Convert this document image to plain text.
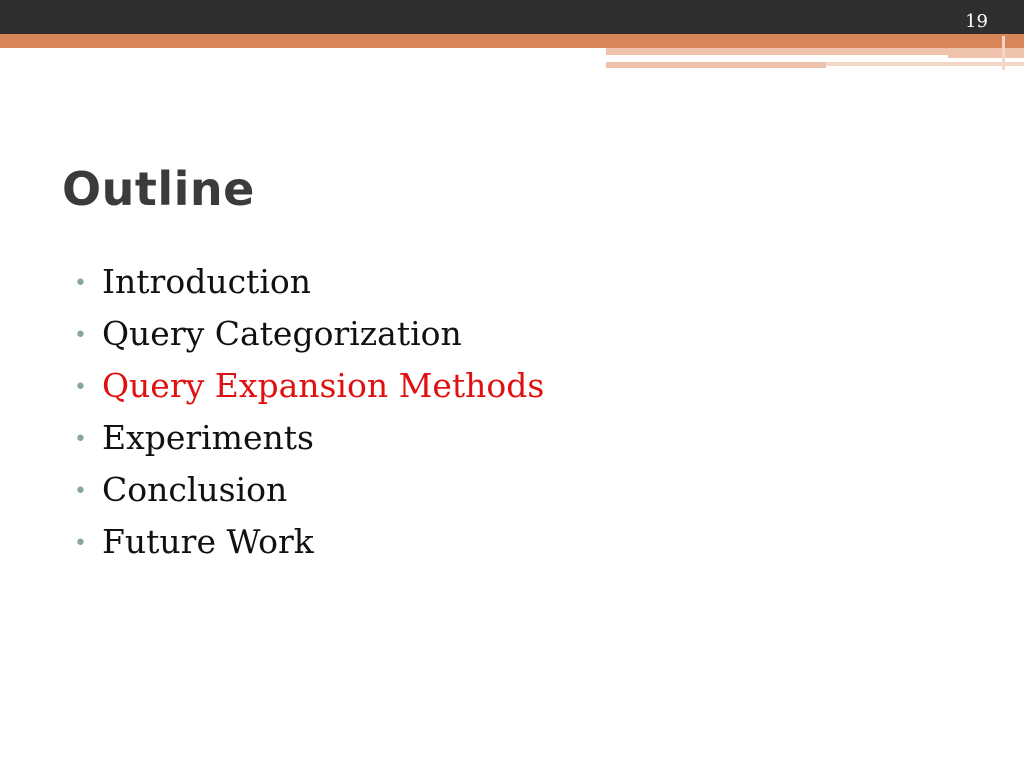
19
Outline
• Introduction
• Query Categorization
• Query Expansion Methods
• Experiments
• Conclusion
• Future Work
